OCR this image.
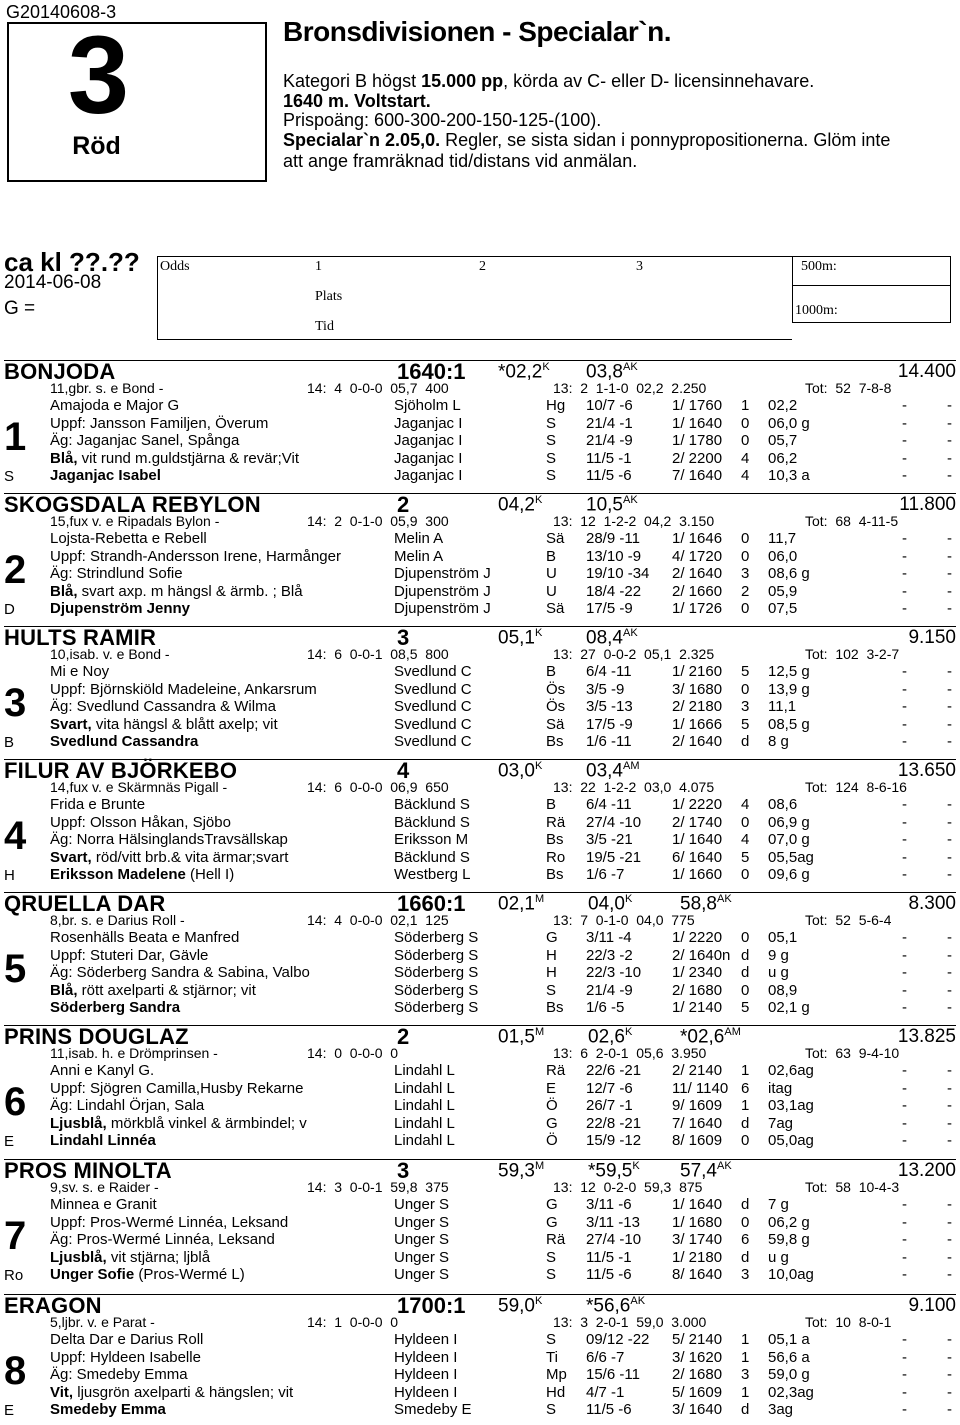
G20140608-3
3
Röd
Bronsdivisionen - Specialar`n.
Kategori B högst 15.000 pp, körda av C- eller D- licensinnehavare.
1640 m. Voltstart.
Prispoäng: 600-300-200-150-125-(100).
Specialar`n 2.05,0. Regler, se sista sidan i ponnypropositionerna. Glöm inte
att ange framräknad tid/distans vid anmälan.
ca kl ??.??
2014-06-08
G =
Odds	1	2	3
Plats
Tid
500m:
1000m:
BONJODA	1640:1 $*02,2^K$ $03,8^{AK}$	14.400
11,gbr. s. e Bond -	14:  4  0-0-0  05,7  400	13:  2  1-1-0  02,2  2.250	Tot:  52  7-8-8
1
S
Amajoda e Major G	Sjöholm L	Hg 10/7 -6	1/ 1760 1 02,2	-	-
Uppf: Jansson Familjen, Överum	Jaganjac I	S 21/4 -1	1/ 1640 0 06,0 g	-	-
Äg: Jaganjac Sanel, Spånga	Jaganjac I	S 21/4 -9	1/ 1780 0 05,7	-	-
Blå, vit rund m.guldstjärna & revär;Vit	Jaganjac I	S 11/5 -1	2/ 2200 4 06,2	-	-
Jaganjac Isabel	Jaganjac I	S 11/5 -6	7/ 1640 4 10,3 a	-	-
SKOGSDALA REBYLON	2	$04,2^K$ $10,5^{AK}$	11.800
15,fux v. e Ripadals Bylon -	14:  2  0-1-0  05,9  300	13:  12  1-2-2  04,2  3.150	Tot:  68  4-11-5
2
D
Lojsta-Rebetta e Rebell	Melin A	Sä 28/9 -11 1/ 1646 0 11,7	-	-
Uppf: Strandh-Andersson Irene, Harmånger	Melin A	B 13/10 -9 4/ 1720 0 06,0	-	-
Äg: Strindlund Sofie	Djupenström J	U 19/10 -34 2/ 1640 3 08,6 g	-	-
Blå, svart axp. m hängsl & ärmb. ; Blå	Djupenström J	U 18/4 -22 2/ 1660 2 05,9	-	-
Djupenström Jenny	Djupenström J	Sä 17/5 -9	1/ 1726 0 07,5	-	-
HULTS RAMIR	3	$05,1^K$ $08,4^{AK}$	9.150
10,isab. v. e Bond -	14:  6  0-0-1  08,5  800	13:  27  0-0-2  05,1  2.325	Tot:  102  3-2-7
3
B
Mi e Noy	Svedlund C	B 6/4 -11	1/ 2160 5 12,5 g	-	-
Uppf: Björnskiöld Madeleine, Ankarsrum	Svedlund C	Ös 3/5 -9	3/ 1680 0 13,9 g	-	-
Äg: Svedlund Cassandra & Wilma	Svedlund C	Ös 3/5 -13	2/ 2180 3 11,1	-	-
Svart, vita hängsl & blått axelp; vit	Svedlund C	Sä 17/5 -9	1/ 1666 5 08,5 g	-	-
Svedlund Cassandra	Svedlund C	Bs 1/6 -11	2/ 1640 d 8 g	-	-
FILUR AV BJÖRKEBO	4	$03,0^K$ $03,4^{AM}$	13.650
14,fux v. e Skärmnäs Pigall -	14:  6  0-0-0  06,9  650	13:  22  1-2-2  03,0  4.075	Tot:  124  8-6-16
4
H
Frida e Brunte	Bäcklund S	B 6/4 -11	1/ 2220 4 08,6	-	-
Uppf: Olsson Håkan, Sjöbo	Bäcklund S	Rä 27/4 -10 2/ 1740 0 06,9 g	-	-
Äg: Norra HälsinglandsTravsällskap	Eriksson M	Bs 3/5 -21	1/ 1640 4 07,0 g	-	-
Svart, röd/vitt brb.& vita ärmar;svart	Bäcklund S	Ro 19/5 -21 6/ 1640 5 05,5ag	-	-
Eriksson Madelene (Hell I)	Westberg L	Bs 1/6 -7	1/ 1660 0 09,6 g	-	-
QRUELLA DAR	1660:1 $02,1^M$ $04,0^K$	$58,8^{AK}$	8.300
8,br. s. e Darius Roll -	14:  4  0-0-0  02,1  125	13:  7  0-1-0  04,0  775	Tot:  52  5-6-4
5
Rosenhälls Beata e Manfred	Söderberg S	G 3/11 -4	1/ 2220 0 05,1	-	-
Uppf: Stuteri Dar, Gävle	Söderberg S	H 22/3 -2	2/ 1640n d 9 g	-	-
Äg: Söderberg Sandra & Sabina, Valbo	Söderberg S	H 22/3 -10 1/ 2340 d u g	-	-
Blå, rött axelparti & stjärnor; vit	Söderberg S	S 21/4 -9	2/ 1680 0 08,9	-	-
Söderberg Sandra	Söderberg S	Bs 1/6 -5	1/ 2140 5 02,1 g	-	-
PRINS DOUGLAZ	2	$01,5^M$ $02,6^K$	$*02,6^{AM}$	13.825
11,isab. h. e Drömprinsen -	14:  0  0-0-0  0	13:  6  2-0-1  05,6  3.950	Tot:  63  9-4-10
6
E
Anni e Kanyl G.	Lindahl L	Rä 22/6 -21 2/ 2140 1 02,6ag	-	-
Uppf: Sjögren Camilla,Husby Rekarne	Lindahl L	E 12/7 -6	11/ 1140 6 itag	-	-
Äg: Lindahl Örjan, Sala	Lindahl L	Ö 26/7 -1	9/ 1609 1 03,1ag	-	-
Ljusblå, mörkblå vinkel & ärmbindel; v	Lindahl L	G 22/8 -21 7/ 1640 d 7ag	-	-
Lindahl Linnéa	Lindahl L	Ö 15/9 -12 8/ 1609 0 05,0ag	-	-
PROS MINOLTA	3	$59,3^M$ $*59,5^K$ $57,4^{AK}$	13.200
9,sv. s. e Raider -	14:  3  0-0-1  59,8  375	13:  12  0-2-0  59,3  875	Tot:  58  10-4-3
7
Ro
Minnea e Granit	Unger S	G 3/11 -6	1/ 1640 d 7 g	-	-
Uppf: Pros-Wermé Linnéa, Leksand	Unger S	G 3/11 -13 1/ 1680 0 06,2 g	-	-
Äg: Pros-Wermé Linnéa, Leksand	Unger S	Rä 27/4 -10 3/ 1740 6 59,8 g	-	-
Ljusblå, vit stjärna; ljblå	Unger S	S 11/5 -1	1/ 2180 d u g	-	-
Unger Sofie (Pros-Wermé L)	Unger S	S 11/5 -6	8/ 1640 3 10,0ag	-	-
ERAGON	1700:1 $59,0^K$ $*56,6^{AK}$	9.100
5,ljbr. v. e Parat -	14:  1  0-0-0  0	13:  3  2-0-1  59,0  3.000	Tot:  10  8-0-1
8
E
Delta Dar e Darius Roll	Hyldeen I	S 09/12 -22 5/ 2140 1 05,1 a	-	-
Uppf: Hyldeen Isabelle	Hyldeen I	Ti 6/6 -7	3/ 1620 1 56,6 a	-	-
Äg: Smedeby Emma	Hyldeen I	Mp 15/6 -11 2/ 1680 3 59,0 g	-	-
Vit, ljusgrön axelparti & hängslen; vit	Hyldeen I	Hd 4/7 -1	5/ 1609 1 02,3ag	-	-
Smedeby Emma	Smedeby E	S 11/5 -6	3/ 1640 d 3ag	-	-
